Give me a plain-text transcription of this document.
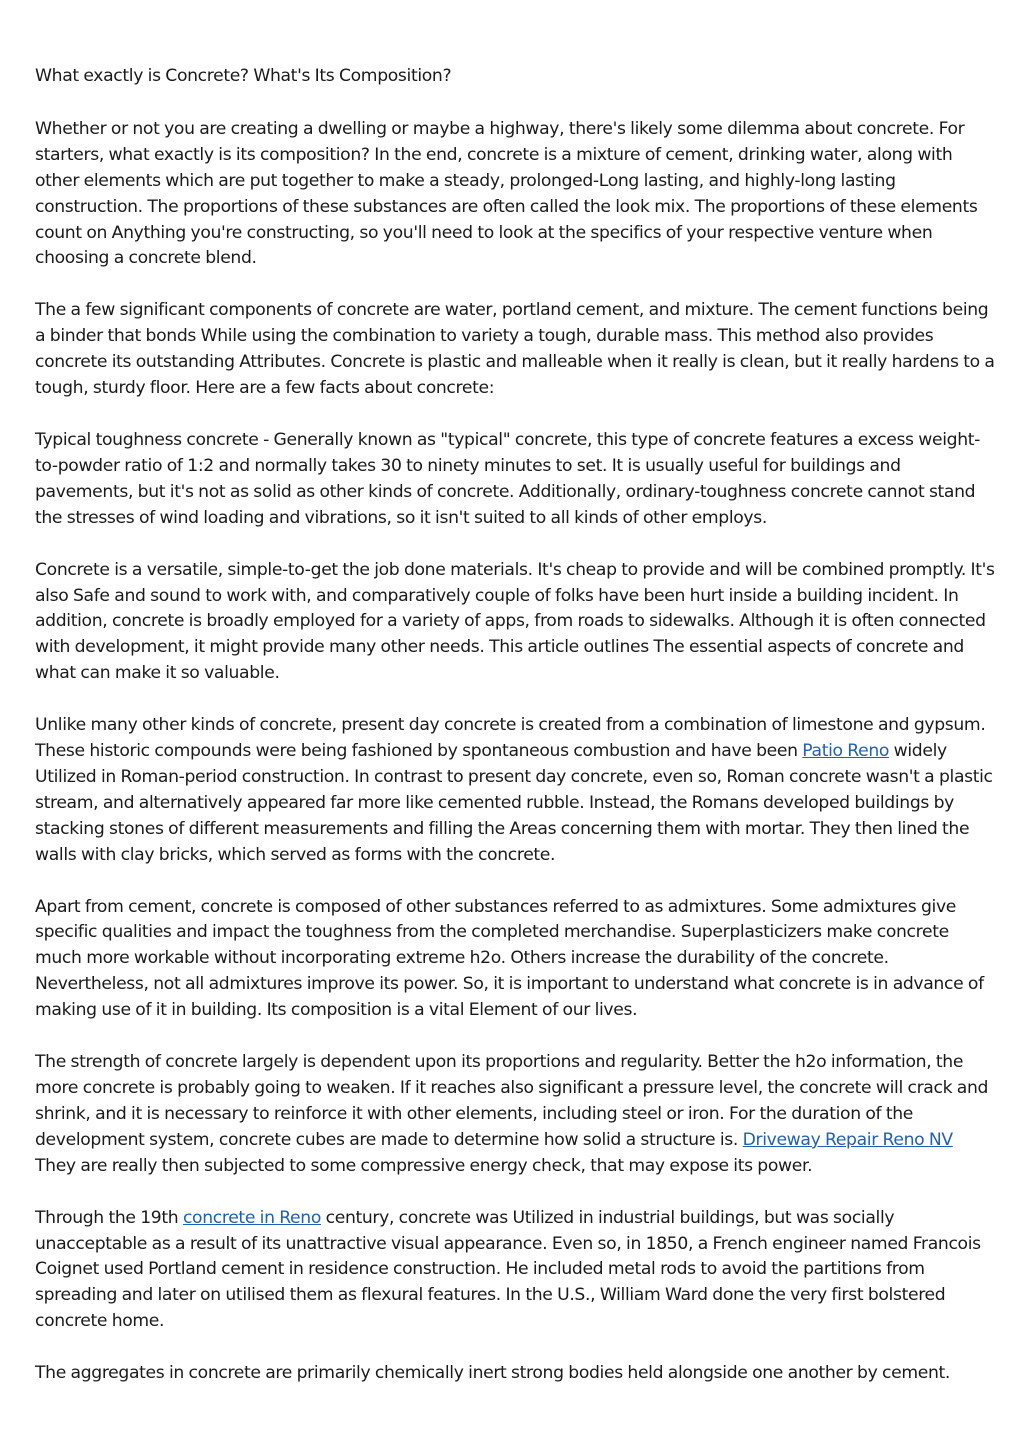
What exactly is Concrete? What's Its Composition?

Whether or not you are creating a dwelling or maybe a highway, there's likely some dilemma about concrete. For starters, what exactly is its composition? In the end, concrete is a mixture of cement, drinking water, along with other elements which are put together to make a steady, prolonged-Long lasting, and highly-long lasting construction. The proportions of these substances are often called the look mix. The proportions of these elements count on Anything you're constructing, so you'll need to look at the specifics of your respective venture when choosing a concrete blend.

The a few significant components of concrete are water, portland cement, and mixture. The cement functions being a binder that bonds While using the combination to variety a tough, durable mass. This method also provides concrete its outstanding Attributes. Concrete is plastic and malleable when it really is clean, but it really hardens to a tough, sturdy floor. Here are a few facts about concrete:

Typical toughness concrete - Generally known as "typical" concrete, this type of concrete features a excess weight-to-powder ratio of 1:2 and normally takes 30 to ninety minutes to set. It is usually useful for buildings and pavements, but it's not as solid as other kinds of concrete. Additionally, ordinary-toughness concrete cannot stand the stresses of wind loading and vibrations, so it isn't suited to all kinds of other employs.

Concrete is a versatile, simple-to-get the job done materials. It's cheap to provide and will be combined promptly. It's also Safe and sound to work with, and comparatively couple of folks have been hurt inside a building incident. In addition, concrete is broadly employed for a variety of apps, from roads to sidewalks. Although it is often connected with development, it might provide many other needs. This article outlines The essential aspects of concrete and what can make it so valuable.

Unlike many other kinds of concrete, present day concrete is created from a combination of limestone and gypsum. These historic compounds were being fashioned by spontaneous combustion and have been Patio Reno widely Utilized in Roman-period construction. In contrast to present day concrete, even so, Roman concrete wasn't a plastic stream, and alternatively appeared far more like cemented rubble. Instead, the Romans developed buildings by stacking stones of different measurements and filling the Areas concerning them with mortar. They then lined the walls with clay bricks, which served as forms with the concrete.

Apart from cement, concrete is composed of other substances referred to as admixtures. Some admixtures give specific qualities and impact the toughness from the completed merchandise. Superplasticizers make concrete much more workable without incorporating extreme h2o. Others increase the durability of the concrete. Nevertheless, not all admixtures improve its power. So, it is important to understand what concrete is in advance of making use of it in building. Its composition is a vital Element of our lives.

The strength of concrete largely is dependent upon its proportions and regularity. Better the h2o information, the more concrete is probably going to weaken. If it reaches also significant a pressure level, the concrete will crack and shrink, and it is necessary to reinforce it with other elements, including steel or iron. For the duration of the development system, concrete cubes are made to determine how solid a structure is. Driveway Repair Reno NV They are really then subjected to some compressive energy check, that may expose its power.

Through the 19th concrete in Reno century, concrete was Utilized in industrial buildings, but was socially unacceptable as a result of its unattractive visual appearance. Even so, in 1850, a French engineer named Francois Coignet used Portland cement in residence construction. He included metal rods to avoid the partitions from spreading and later on utilised them as flexural features. In the U.S., William Ward done the very first bolstered concrete home.

The aggregates in concrete are primarily chemically inert strong bodies held alongside one another by cement.
